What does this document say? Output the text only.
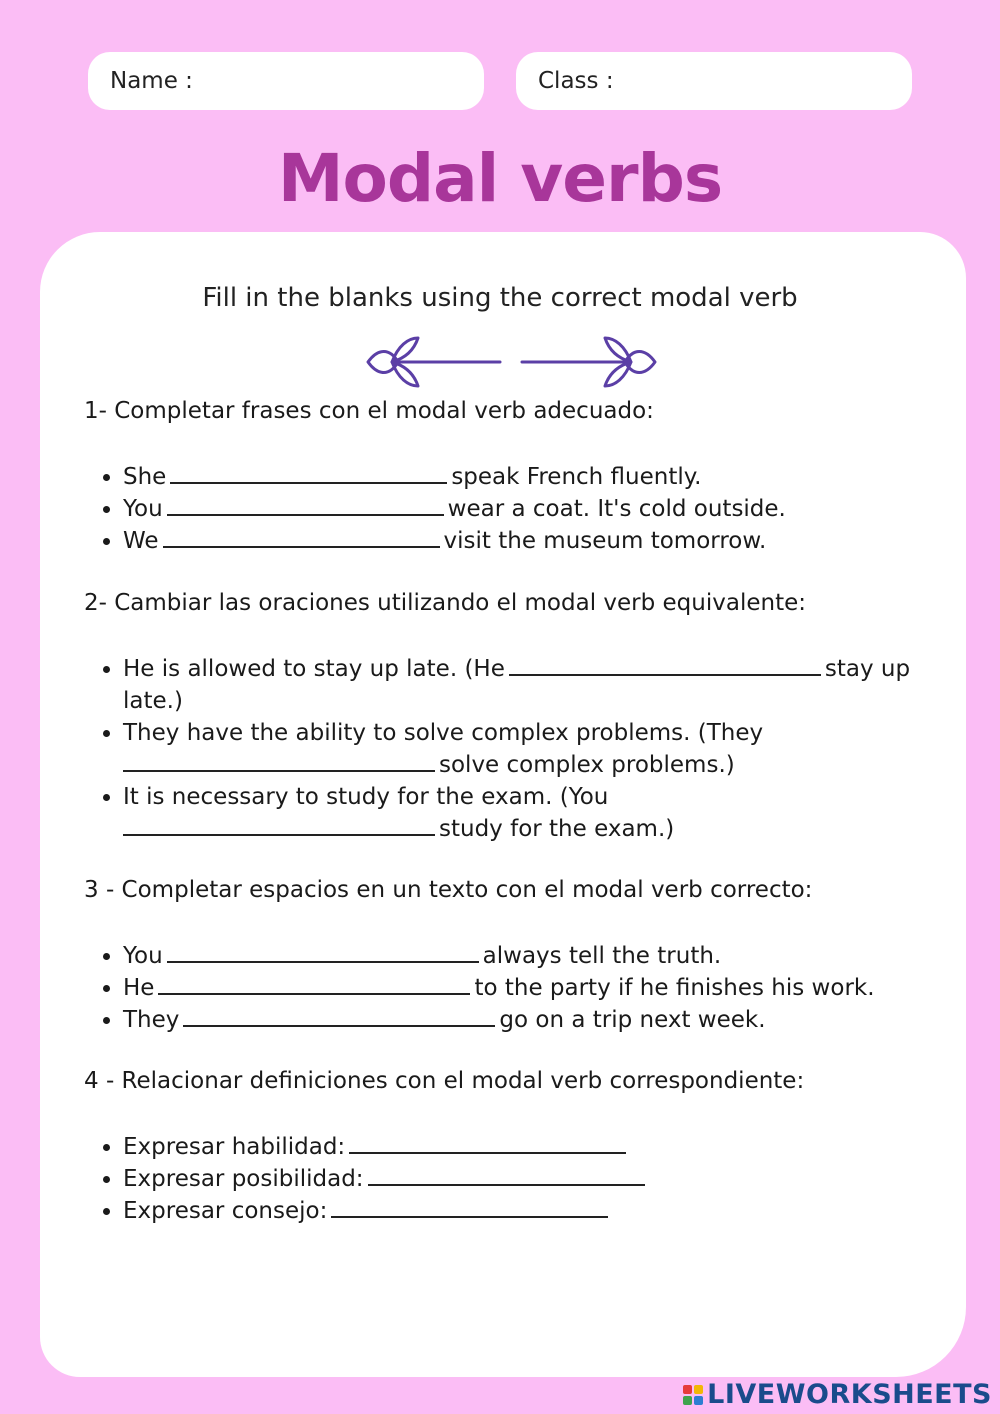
Name :	Class :
Modal verbs
Fill in the blanks using the correct modal verb

1- Completar frases con el modal verb adecuado:

• She	speak French fluently.
• You	wear a coat. It's cold outside.
• We	visit the museum tomorrow.

2- Cambiar las oraciones utilizando el modal verb equivalente:

• He is allowed to stay up late. (He	stay up late.)
• They have the ability to solve complex problems. (They
solve complex problems.)
• It is necessary to study for the exam. (You
study for the exam.)

3 - Completar espacios en un texto con el modal verb correcto:

• You	always tell the truth.
• He	to the party if he finishes his work.
• They	go on a trip next week.

4 - Relacionar definiciones con el modal verb correspondiente:

• Expresar habilidad:
• Expresar posibilidad:
• Expresar consejo:
LIVEWORKSHEETS
